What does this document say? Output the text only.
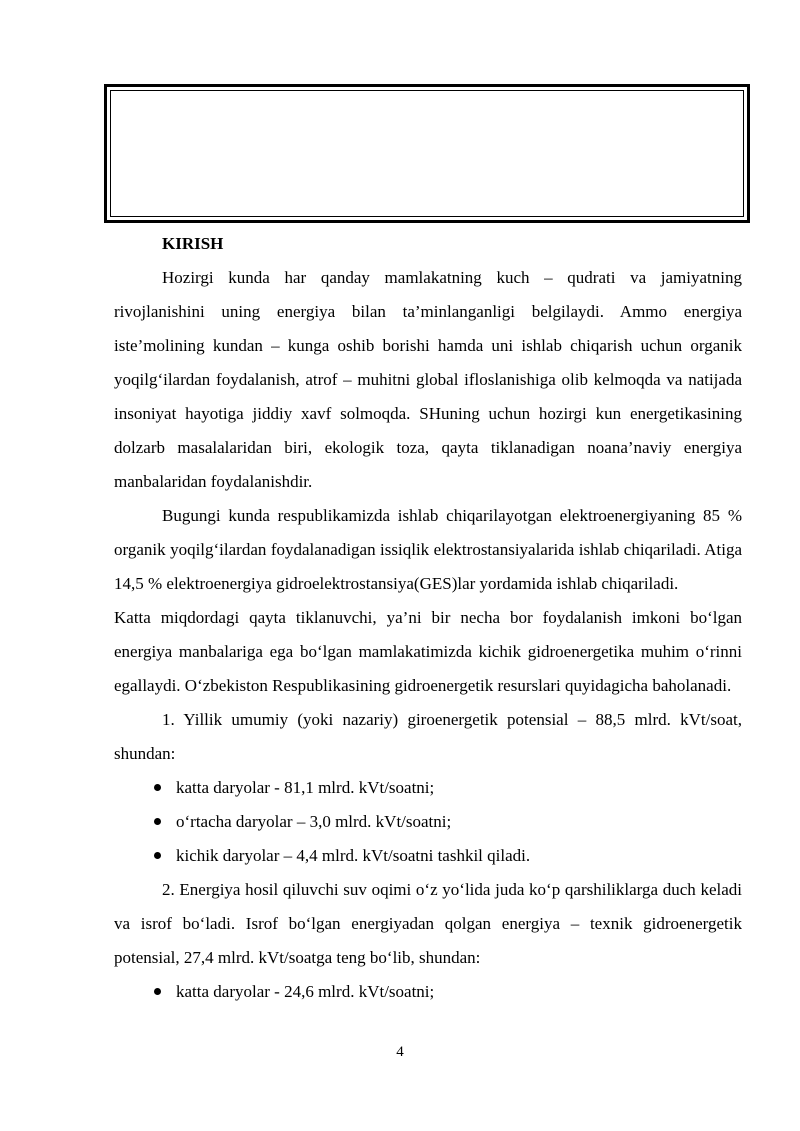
KIRISH

Hozirgi kunda har qanday mamlakatning kuch – qudrati va jamiyatning rivojlanishini uning energiya bilan ta’minlanganligi belgilaydi. Ammo energiya iste’molining kundan – kunga oshib borishi hamda uni ishlab chiqarish uchun organik yoqilg‘ilardan foydalanish, atrof – muhitni global ifloslanishiga olib kelmoqda va natijada insoniyat hayotiga jiddiy xavf solmoqda. SHuning uchun hozirgi kun energetikasining dolzarb masalalaridan biri, ekologik toza, qayta tiklanadigan noana’naviy energiya manbalaridan foydalanishdir.

Bugungi kunda respublikamizda ishlab chiqarilayotgan elektroenergiyaning 85 % organik yoqilg‘ilardan foydalanadigan issiqlik elektrostansiyalarida ishlab chiqariladi. Atiga 14,5 % elektroenergiya gidroelektrostansiya(GES)lar yordamida ishlab chiqariladi.

Katta miqdordagi qayta tiklanuvchi, ya’ni bir necha bor foydalanish imkoni bo‘lgan energiya manbalariga ega bo‘lgan mamlakatimizda kichik gidroenergetika muhim o‘rinni egallaydi. O‘zbekiston Respublikasining gidroenergetik resurslari quyidagicha baholanadi.

1. Yillik umumiy (yoki nazariy) giroenergetik potensial – 88,5 mlrd. kVt/soat, shundan:

katta daryolar - 81,1 mlrd. kVt/soatni;
o‘rtacha daryolar – 3,0 mlrd. kVt/soatni;
kichik daryolar – 4,4 mlrd. kVt/soatni tashkil qiladi.

2. Energiya hosil qiluvchi suv oqimi o‘z yo‘lida juda ko‘p qarshiliklarga duch keladi va isrof bo‘ladi. Isrof bo‘lgan energiyadan qolgan energiya – texnik gidroenergetik potensial, 27,4 mlrd. kVt/soatga teng bo‘lib, shundan:

katta daryolar - 24,6 mlrd. kVt/soatni;
4
